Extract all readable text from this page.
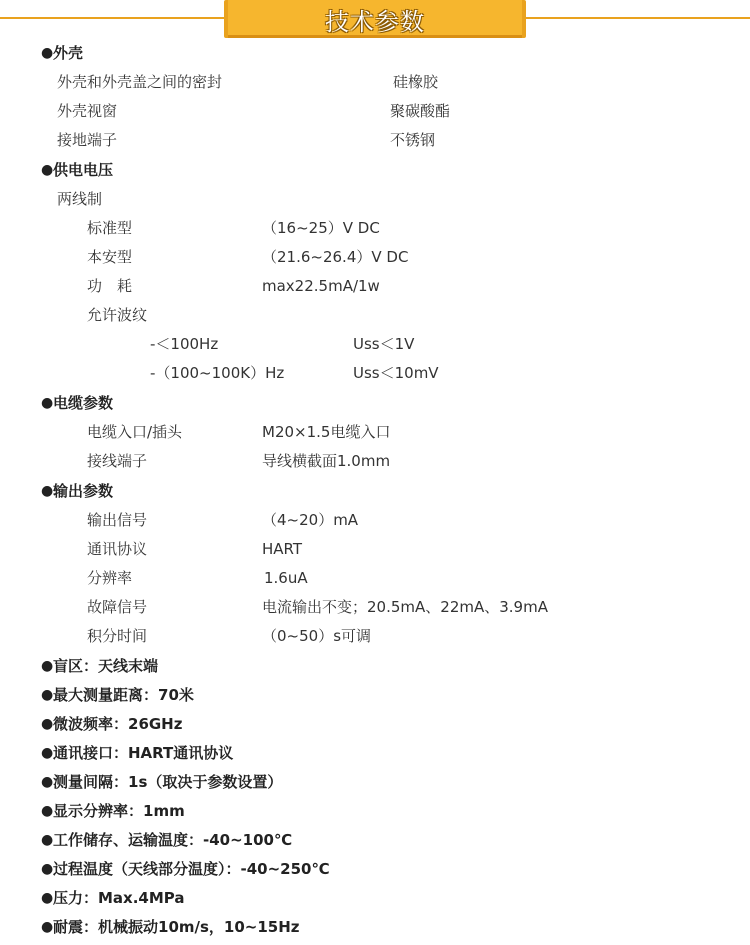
技术参数
● 外壳
外壳和外壳盖之间的密封	硅橡胶
外壳视窗	聚碳酸酯
接地端子	不锈钢
● 供电电压
两线制
标准型	（16~25）V DC
本安型	（21.6~26.4）V DC
功　耗	max22.5mA/1w
允许波纹
-＜100Hz	Uss＜1V
-（100~100K）Hz	Uss＜10mV
● 电缆参数
电缆入口/插头	M20×1.5电缆入口
接线端子	导线横截面1.0mm
● 输出参数
输出信号	（4~20）mA
通讯协议	HART
分辨率	1.6uA
故障信号	电流输出不变；20.5mA、22mA、3.9mA
积分时间	（0~50）s可调
● 盲区：天线末端
● 最大测量距离：70米
● 微波频率：26GHz
● 通讯接口：HART通讯协议
● 测量间隔：1s（取决于参数设置）
● 显示分辨率：1mm
● 工作储存、运输温度：-40~100℃
● 过程温度（天线部分温度）：-40~250℃
● 压力：Max.4MPa
● 耐震：机械振动10m/s，10~15Hz
